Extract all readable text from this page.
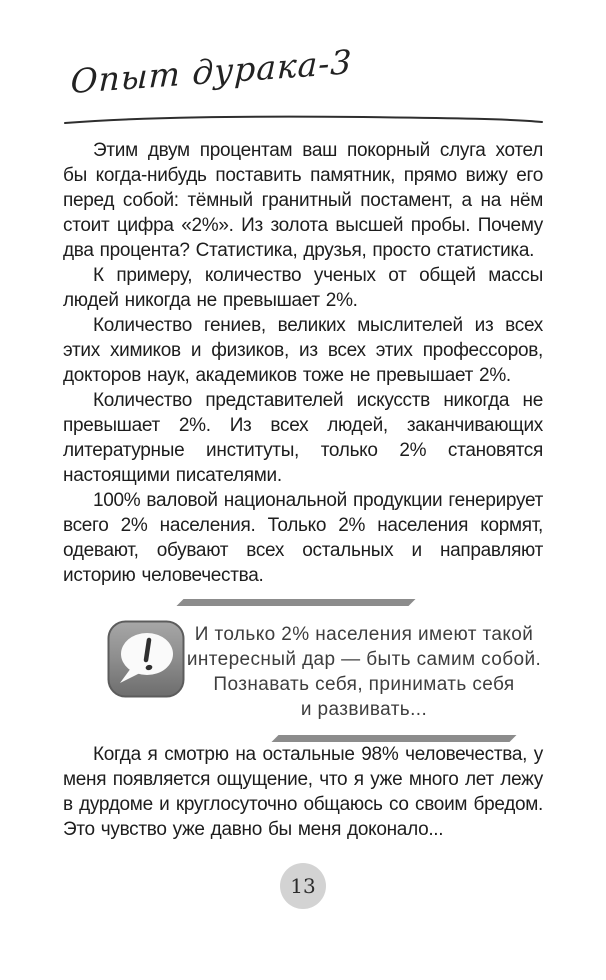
Опыт дурака-3

Этим двум процентам ваш покорный слуга хотел бы когда-нибудь поставить памятник, прямо вижу его перед собой: тёмный гранитный постамент, а на нём стоит цифра «2%». Из золота высшей пробы. Почему два процента? Статистика, друзья, просто статистика.

К примеру, количество ученых от общей массы людей никогда не превышает 2%.

Количество гениев, великих мыслителей из всех этих химиков и физиков, из всех этих профессоров, докторов наук, академиков тоже не превышает 2%.

Количество представителей искусств никогда не превышает 2%. Из всех людей, заканчивающих литературные институты, только 2% становятся настоящими писателями.

100% валовой национальной продукции генерирует всего 2% населения. Только 2% населения кормят, одевают, обувают всех остальных и направляют историю человечества.

И только 2% населения имеют такой
интересный дар — быть самим собой.
Познавать себя, принимать себя
и развивать...

Когда я смотрю на остальные 98% человечества, у меня появляется ощущение, что я уже много лет лежу в дурдоме и круглосуточно общаюсь со своим бредом. Это чувство уже давно бы меня доконало...

13
